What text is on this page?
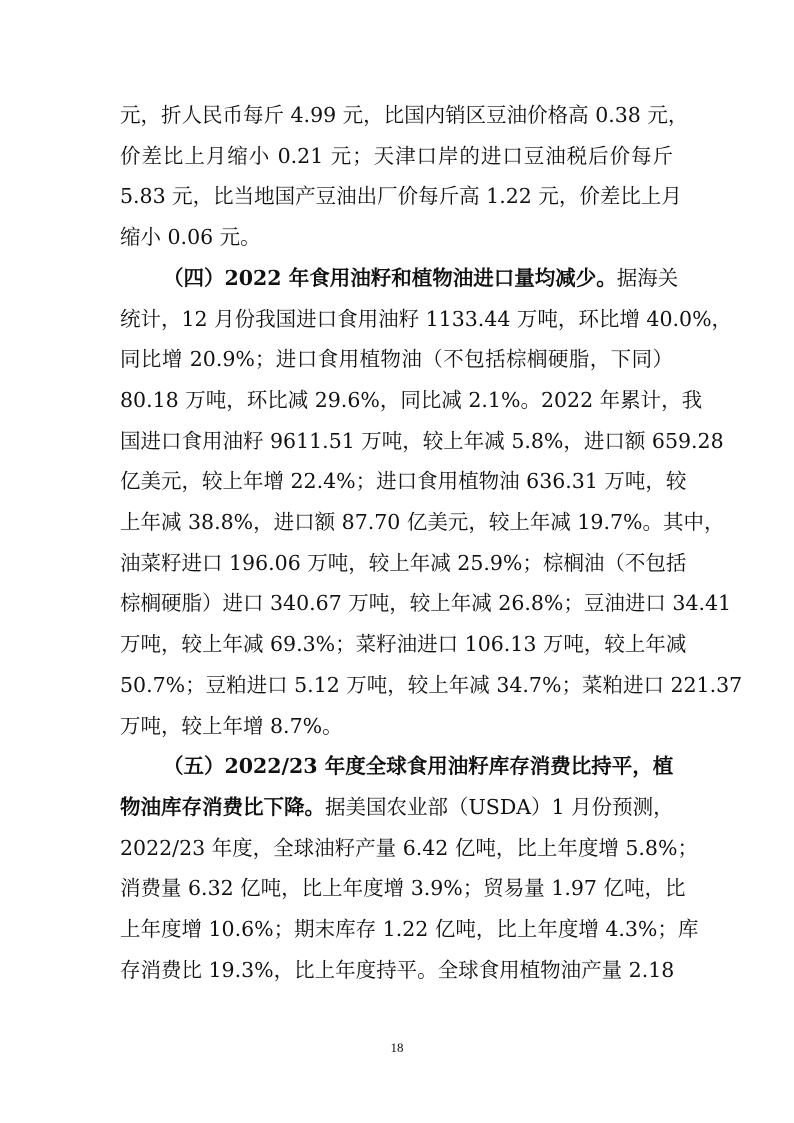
元，折人民币每斤 4.99 元，比国内销区豆油价格高 0.38 元，
价差比上月缩小 0.21 元；天津口岸的进口豆油税后价每斤
5.83 元，比当地国产豆油出厂价每斤高 1.22 元，价差比上月
缩小 0.06 元。
（四）2022 年食用油籽和植物油进口量均减少。据海关
统计，12 月份我国进口食用油籽 1133.44 万吨，环比增 40.0%，
同比增 20.9%；进口食用植物油（不包括棕榈硬脂，下同）
80.18 万吨，环比减 29.6%，同比减 2.1%。2022 年累计，我
国进口食用油籽 9611.51 万吨，较上年减 5.8%，进口额 659.28
亿美元，较上年增 22.4%；进口食用植物油 636.31 万吨，较
上年减 38.8%，进口额 87.70 亿美元，较上年减 19.7%。其中，
油菜籽进口 196.06 万吨，较上年减 25.9%；棕榈油（不包括
棕榈硬脂）进口 340.67 万吨，较上年减 26.8%；豆油进口 34.41
万吨，较上年减 69.3%；菜籽油进口 106.13 万吨，较上年减
50.7%；豆粕进口 5.12 万吨，较上年减 34.7%；菜粕进口 221.37
万吨，较上年增 8.7%。
（五）2022/23 年度全球食用油籽库存消费比持平，植
物油库存消费比下降。据美国农业部（USDA）1 月份预测，
2022/23 年度，全球油籽产量 6.42 亿吨，比上年度增 5.8%；
消费量 6.32 亿吨，比上年度增 3.9%；贸易量 1.97 亿吨，比
上年度增 10.6%；期末库存 1.22 亿吨，比上年度增 4.3%；库
存消费比 19.3%，比上年度持平。全球食用植物油产量 2.18
18
